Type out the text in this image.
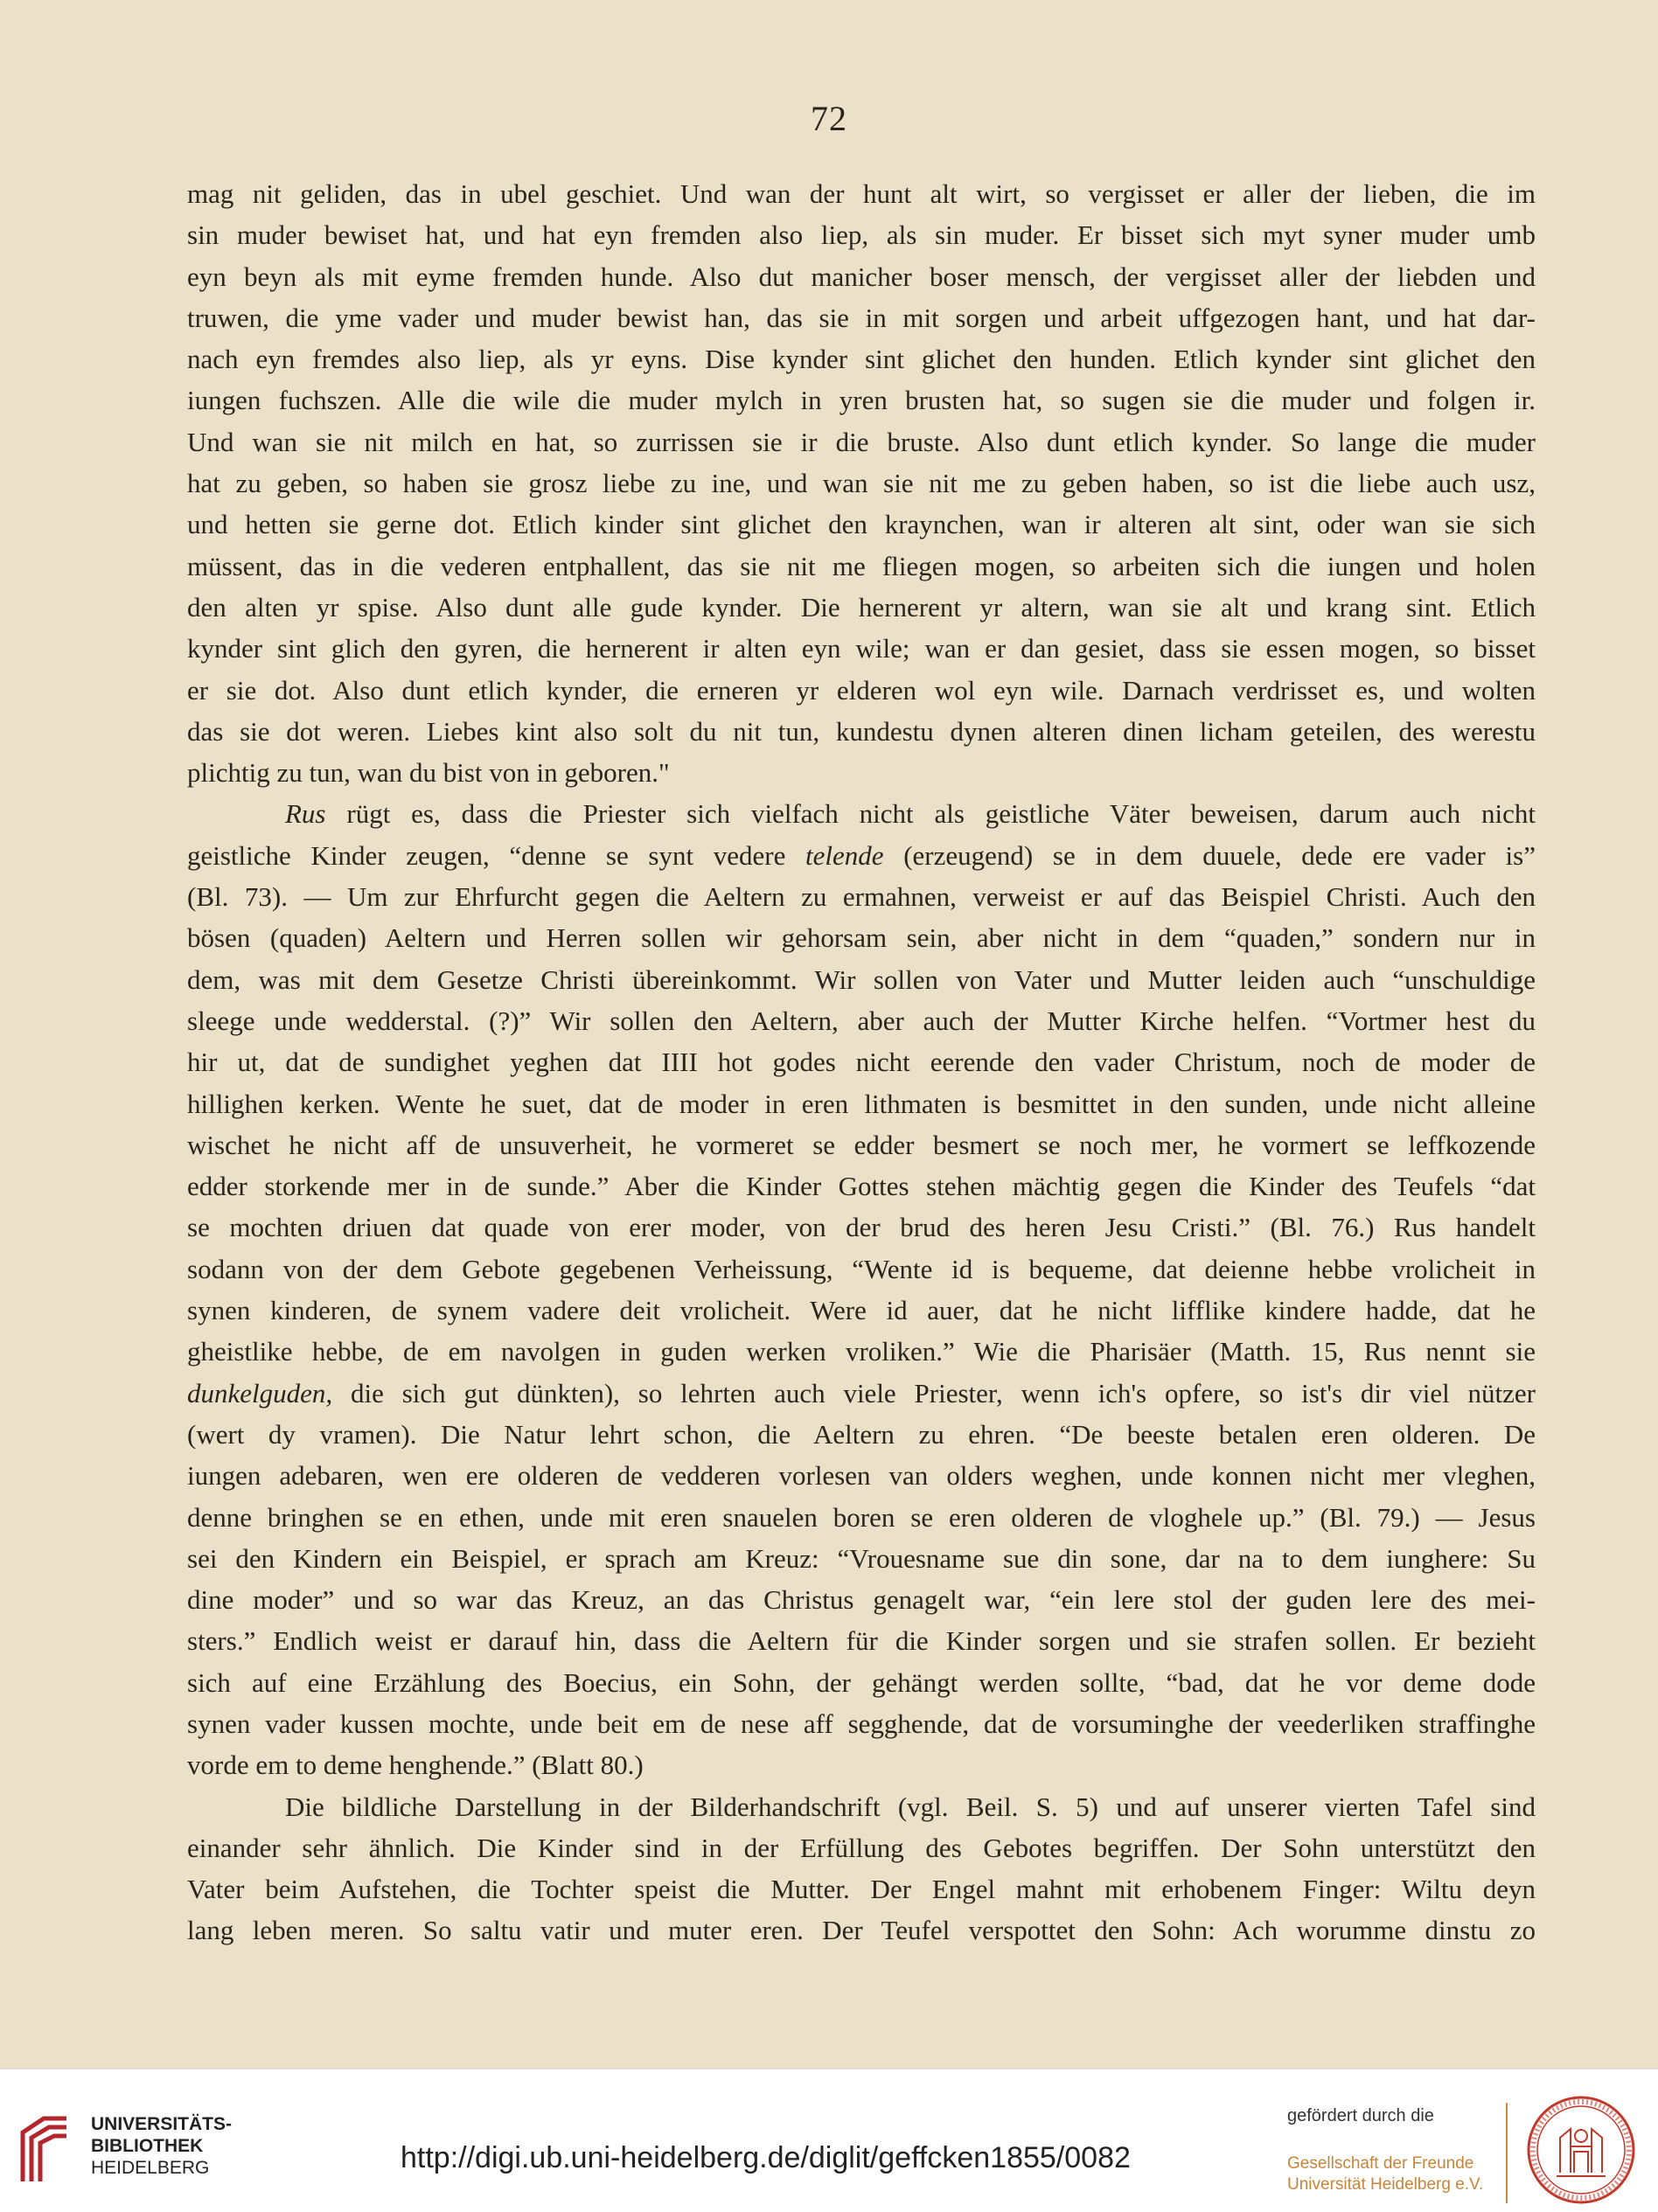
72
mag nit geliden, das in ubel geschiet. Und wan der hunt alt wirt, so vergisset er aller der lieben, die im
sin muder bewiset hat, und hat eyn fremden also liep, als sin muder. Er bisset sich myt syner muder umb
eyn beyn als mit eyme fremden hunde. Also dut manicher boser mensch, der vergisset aller der liebden und
truwen, die yme vader und muder bewist han, das sie in mit sorgen und arbeit uffgezogen hant, und hat dar-
nach eyn fremdes also liep, als yr eyns. Dise kynder sint glichet den hunden. Etlich kynder sint glichet den
iungen fuchszen. Alle die wile die muder mylch in yren brusten hat, so sugen sie die muder und folgen ir.
Und wan sie nit milch en hat, so zurrissen sie ir die bruste. Also dunt etlich kynder. So lange die muder
hat zu geben, so haben sie grosz liebe zu ine, und wan sie nit me zu geben haben, so ist die liebe auch usz,
und hetten sie gerne dot. Etlich kinder sint glichet den kraynchen, wan ir alteren alt sint, oder wan sie sich
müssent, das in die vederen entphallent, das sie nit me fliegen mogen, so arbeiten sich die iungen und holen
den alten yr spise. Also dunt alle gude kynder. Die hernerent yr altern, wan sie alt und krang sint. Etlich
kynder sint glich den gyren, die hernerent ir alten eyn wile; wan er dan gesiet, dass sie essen mogen, so bisset
er sie dot. Also dunt etlich kynder, die erneren yr elderen wol eyn wile. Darnach verdrisset es, und wolten
das sie dot weren. Liebes kint also solt du nit tun, kundestu dynen alteren dinen licham geteilen, des werestu
plichtig zu tun, wan du bist von in geboren."
Rus rügt es, dass die Priester sich vielfach nicht als geistliche Väter beweisen, darum auch nicht
geistliche Kinder zeugen, “denne se synt vedere telende (erzeugend) se in dem duuele, dede ere vader is”
(Bl. 73). — Um zur Ehrfurcht gegen die Aeltern zu ermahnen, verweist er auf das Beispiel Christi. Auch den
bösen (quaden) Aeltern und Herren sollen wir gehorsam sein, aber nicht in dem “quaden,” sondern nur in
dem, was mit dem Gesetze Christi übereinkommt. Wir sollen von Vater und Mutter leiden auch “unschuldige
sleege unde wedderstal. (?)” Wir sollen den Aeltern, aber auch der Mutter Kirche helfen. “Vortmer hest du
hir ut, dat de sundighet yeghen dat IIII hot godes nicht eerende den vader Christum, noch de moder de
hillighen kerken. Wente he suet, dat de moder in eren lithmaten is besmittet in den sunden, unde nicht alleine
wischet he nicht aff de unsuverheit, he vormeret se edder besmert se noch mer, he vormert se leffkozende
edder storkende mer in de sunde.” Aber die Kinder Gottes stehen mächtig gegen die Kinder des Teufels “dat
se mochten driuen dat quade von erer moder, von der brud des heren Jesu Cristi.” (Bl. 76.) Rus handelt
sodann von der dem Gebote gegebenen Verheissung, “Wente id is bequeme, dat deienne hebbe vrolicheit in
synen kinderen, de synem vadere deit vrolicheit. Were id auer, dat he nicht lifflike kindere hadde, dat he
gheistlike hebbe, de em navolgen in guden werken vroliken.” Wie die Pharisäer (Matth. 15, Rus nennt sie
dunkelguden, die sich gut dünkten), so lehrten auch viele Priester, wenn ich's opfere, so ist's dir viel nützer
(wert dy vramen). Die Natur lehrt schon, die Aeltern zu ehren. “De beeste betalen eren olderen. De
iungen adebaren, wen ere olderen de vedderen vorlesen van olders weghen, unde konnen nicht mer vleghen,
denne bringhen se en ethen, unde mit eren snauelen boren se eren olderen de vloghele up.” (Bl. 79.) — Jesus
sei den Kindern ein Beispiel, er sprach am Kreuz: “Vrouesname sue din sone, dar na to dem iunghere: Su
dine moder” und so war das Kreuz, an das Christus genagelt war, “ein lere stol der guden lere des mei-
sters.” Endlich weist er darauf hin, dass die Aeltern für die Kinder sorgen und sie strafen sollen. Er bezieht
sich auf eine Erzählung des Boecius, ein Sohn, der gehängt werden sollte, “bad, dat he vor deme dode
synen vader kussen mochte, unde beit em de nese aff segghende, dat de vorsuminghe der veederliken straffinghe
vorde em to deme henghende.” (Blatt 80.)
Die bildliche Darstellung in der Bilderhandschrift (vgl. Beil. S. 5) und auf unserer vierten Tafel sind
einander sehr ähnlich. Die Kinder sind in der Erfüllung des Gebotes begriffen. Der Sohn unterstützt den
Vater beim Aufstehen, die Tochter speist die Mutter. Der Engel mahnt mit erhobenem Finger: Wiltu deyn
lang leben meren. So saltu vatir und muter eren. Der Teufel verspottet den Sohn: Ach worumme dinstu zo
UNIVERSITÄTS-
BIBLIOTHEK
HEIDELBERG	http://digi.ub.uni-heidelberg.de/diglit/geffcken1855/0082
gefördert durch die
Gesellschaft der Freunde
Universität Heidelberg e.V.
